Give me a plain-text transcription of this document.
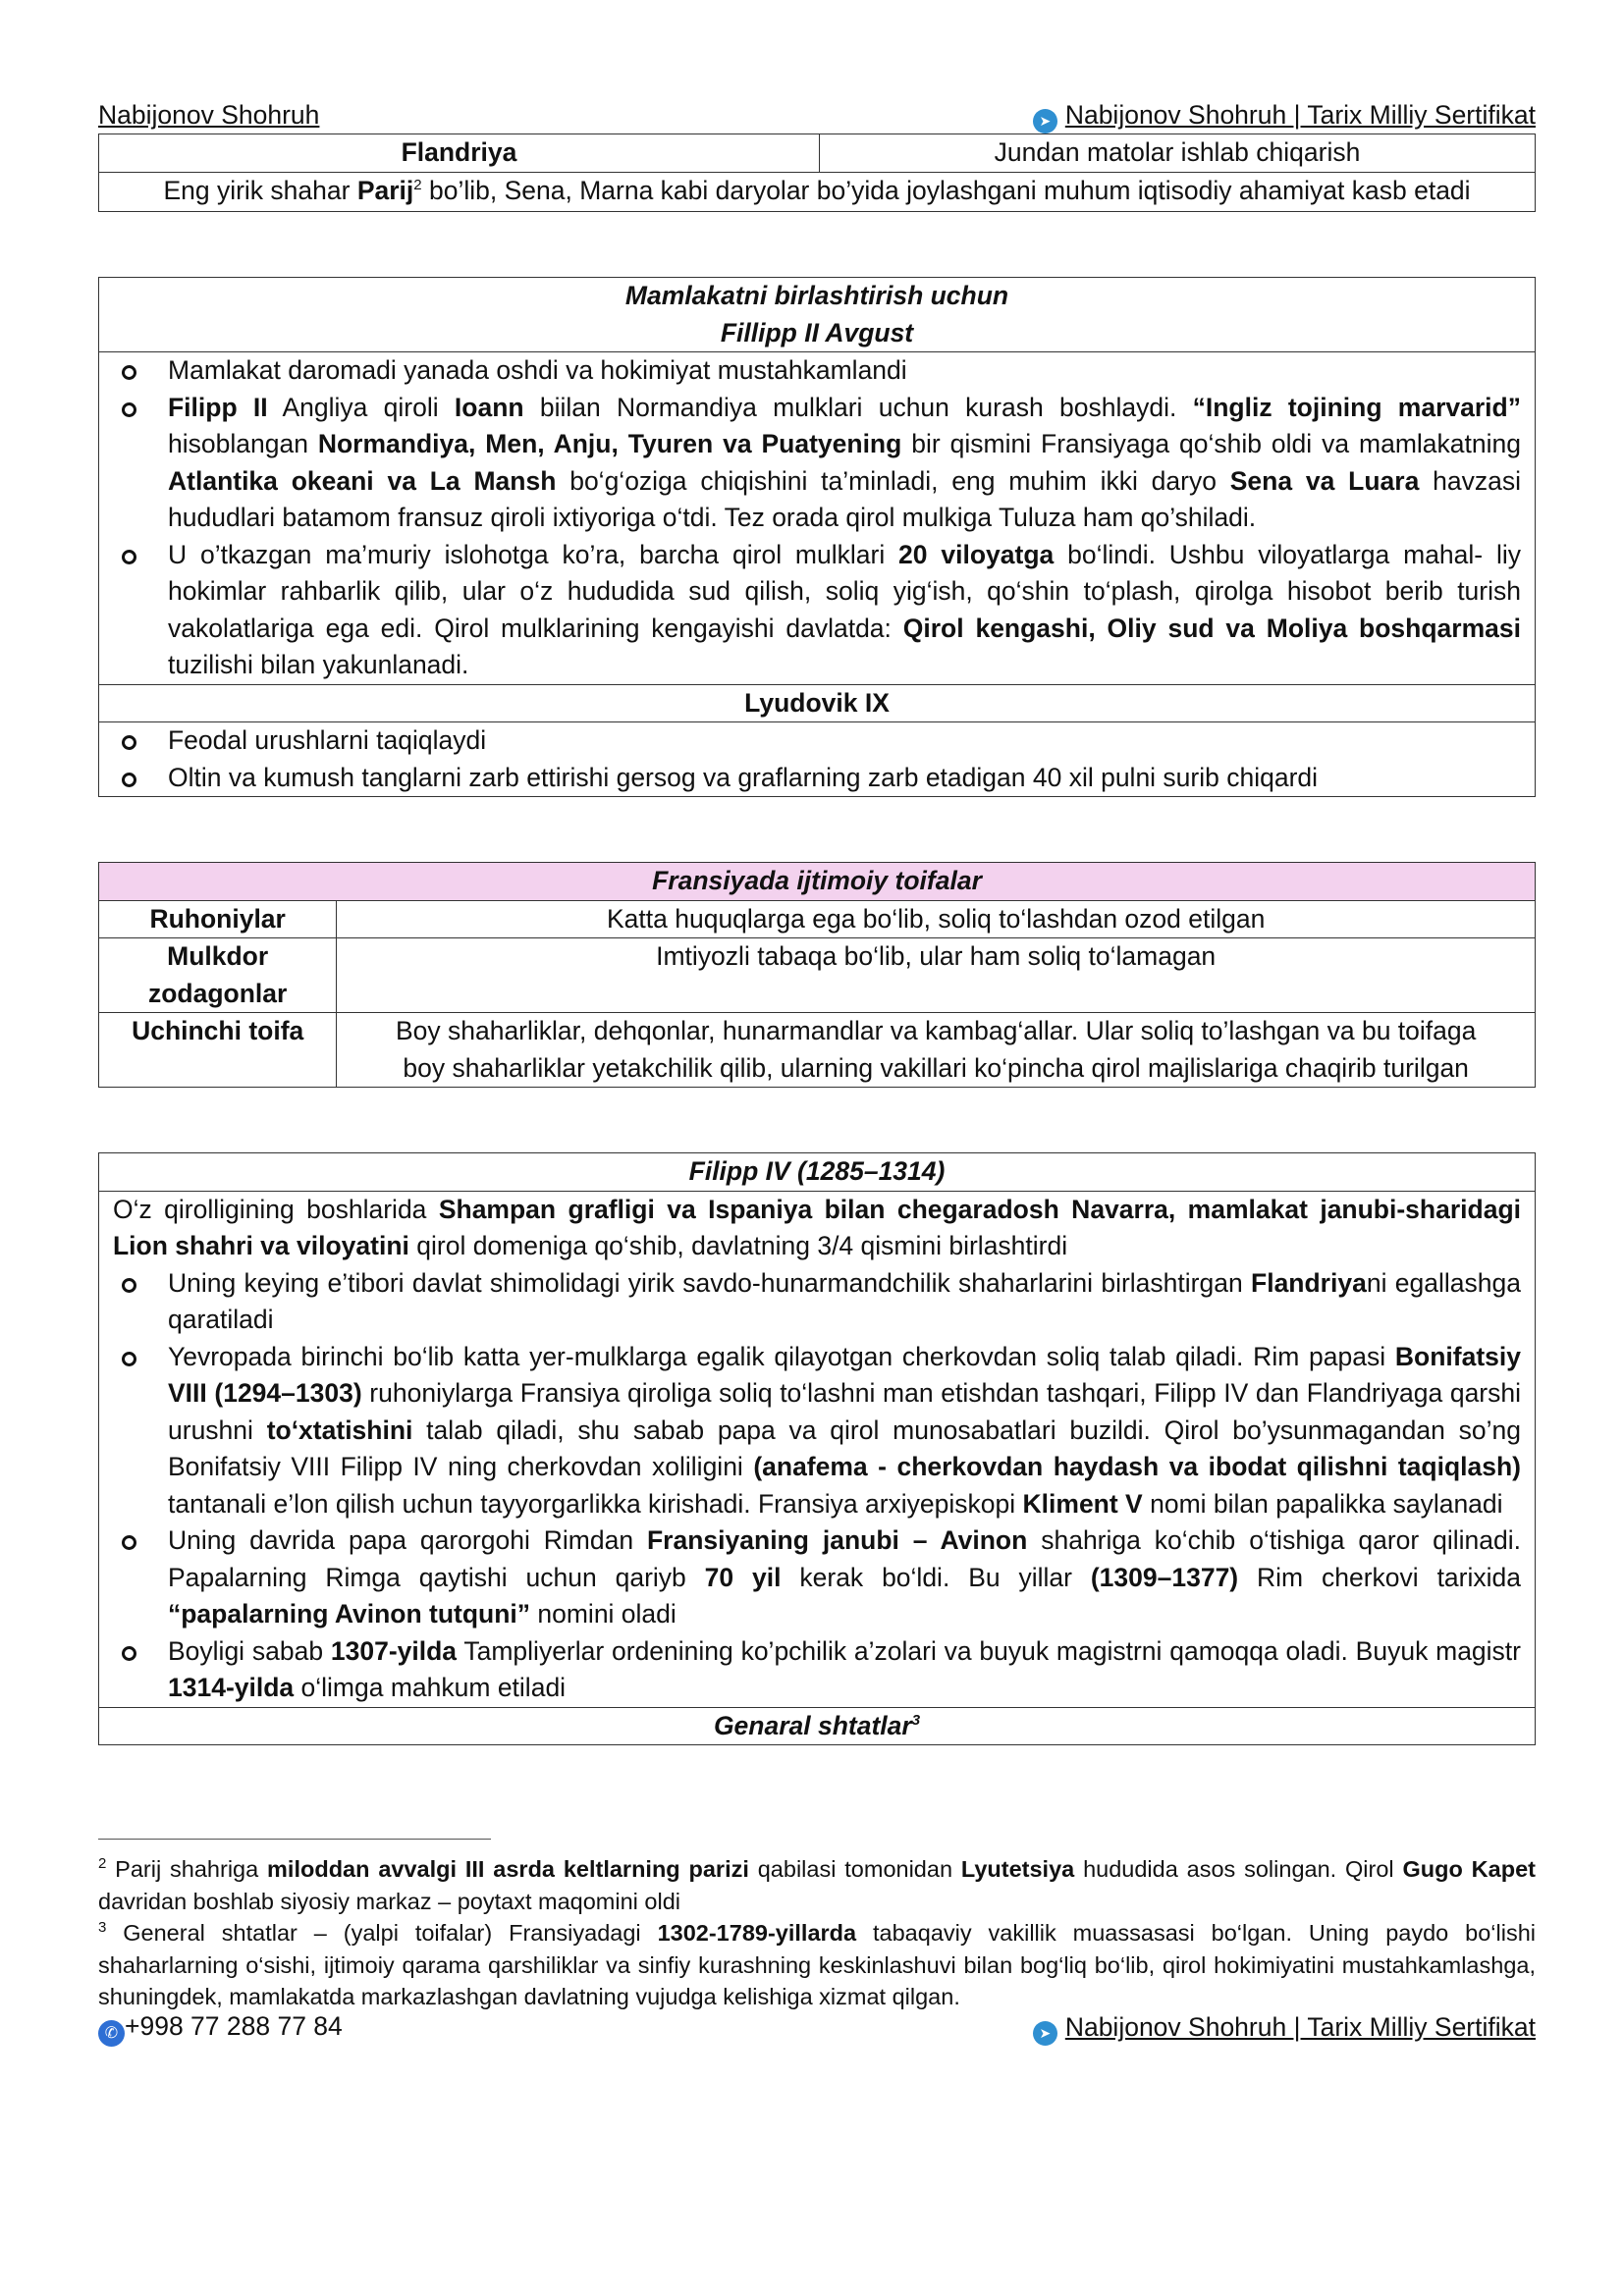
Nabijonov Shohruh	➤ Nabijonov Shohruh | Tarix Milliy Sertifikat
Flandriya	Jundan matolar ishlab chiqarish
Eng yirik shahar Parij$^2$ bo’lib, Sena, Marna kabi daryolar bo’yida joylashgani muhum iqtisodiy ahamiyat kasb etadi
Mamlakatni birlashtirish uchun
Fillipp II Avgust

Mamlakat daromadi yanada oshdi va hokimiyat mustahkamlandi
Filipp II Angliya qiroli Ioann biilan Normandiya mulklari uchun kurash boshlaydi. “Ingliz tojining marvarid” hisoblangan Normandiya, Men, Anju, Tyuren va Puatyening bir qismini Fransiyaga qo‘shib oldi va mamlakatning Atlantika okeani va La Mansh bo‘g‘oziga chiqishini ta’minladi, eng muhim ikki daryo Sena va Luara havzasi hududlari batamom fransuz qiroli ixtiyoriga o‘tdi. Tez orada qirol mulkiga Tuluza ham qo’shiladi.
U o’tkazgan ma’muriy islohotga ko’ra, barcha qirol mulklari 20 viloyatga bo‘lindi. Ushbu viloyatlarga mahal- liy hokimlar rahbarlik qilib, ular o‘z hududida sud qilish, soliq yig‘ish, qo‘shin to‘plash, qirolga hisobot berib turish vakolatlariga ega edi. Qirol mulklarining kengayishi davlatda: Qirol kengashi, Oliy sud va Moliya boshqarmasi tuzilishi bilan yakunlanadi.

Lyudovik IX

Feodal urushlarni taqiqlaydi
Oltin va kumush tanglarni zarb ettirishi gersog va graflarning zarb etadigan 40 xil pulni surib chiqardi
Fransiyada ijtimoiy toifalar	
Ruhoniylar	Katta huquqlarga ega bo‘lib, soliq to‘lashdan ozod etilgan
Mulkdor zodagonlar	Imtiyozli tabaqa bo‘lib, ular ham soliq to‘lamagan
Uchinchi toifa	Boy shaharliklar, dehqonlar, hunarmandlar va kambag‘allar. Ular soliq to’lashgan va bu toifaga boy shaharliklar yetakchilik qilib, ularning vakillari ko‘pincha qirol majlislariga chaqirib turilgan
Filipp IV (1285–1314)

O‘z qirolligining boshlarida Shampan grafligi va Ispaniya bilan chegaradosh Navarra, mamlakat janubi-sharidagi Lion shahri va viloyatini qirol domeniga qo‘shib, davlatning 3/4 qismini birlashtirdi
Uning keying e’tibori davlat shimolidagi yirik savdo-hunarmandchilik shaharlarini birlashtirgan Flandriyani egallashga qaratiladi
Yevropada birinchi bo‘lib katta yer-mulklarga egalik qilayotgan cherkovdan soliq talab qiladi. Rim papasi Bonifatsiy VIII (1294–1303) ruhoniylarga Fransiya qiroliga soliq to‘lashni man etishdan tashqari, Filipp IV dan Flandriyaga qarshi urushni to‘xtatishini talab qiladi, shu sabab papa va qirol munosabatlari buzildi. Qirol bo’ysunmagandan so’ng Bonifatsiy VIII Filipp IV ning cherkovdan xoliligini (anafema - cherkovdan haydash va ibodat qilishni taqiqlash) tantanali e’lon qilish uchun tayyorgarlikka kirishadi. Fransiya arxiyepiskopi Kliment V nomi bilan papalikka saylanadi
Uning davrida papa qarorgohi Rimdan Fransiyaning janubi – Avinon shahriga ko‘chib o‘tishiga qaror qilinadi. Papalarning Rimga qaytishi uchun qariyb 70 yil kerak bo‘ldi. Bu yillar (1309–1377) Rim cherkovi tarixida “papalarning Avinon tutquni” nomini oladi
Boyligi sabab 1307-yilda Tampliyerlar ordenining ko’pchilik a’zolari va buyuk magistrni qamoqqa oladi. Buyuk magistr 1314-yilda o‘limga mahkum etiladi

Genaral shtatlar$^3$
$^2$ Parij shahriga miloddan avvalgi III asrda keltlarning parizi qabilasi tomonidan Lyutetsiya hududida asos solingan. Qirol Gugo Kapet davridan boshlab siyosiy markaz – poytaxt maqomini oldi
$^3$ General shtatlar – (yalpi toifalar) Fransiyadagi 1302-1789-yillarda tabaqaviy vakillik muassasasi bo‘lgan. Uning paydo bo‘lishi shaharlarning o‘sishi, ijtimoiy qarama qarshiliklar va sinfiy kurashning keskinlashuvi bilan bog‘liq bo‘lib, qirol hokimiyatini mustahkamlashga, shuningdek, mamlakatda markazlashgan davlatning vujudga kelishiga xizmat qilgan.
✆ +998 77 288 77 84	➤ Nabijonov Shohruh | Tarix Milliy Sertifikat
